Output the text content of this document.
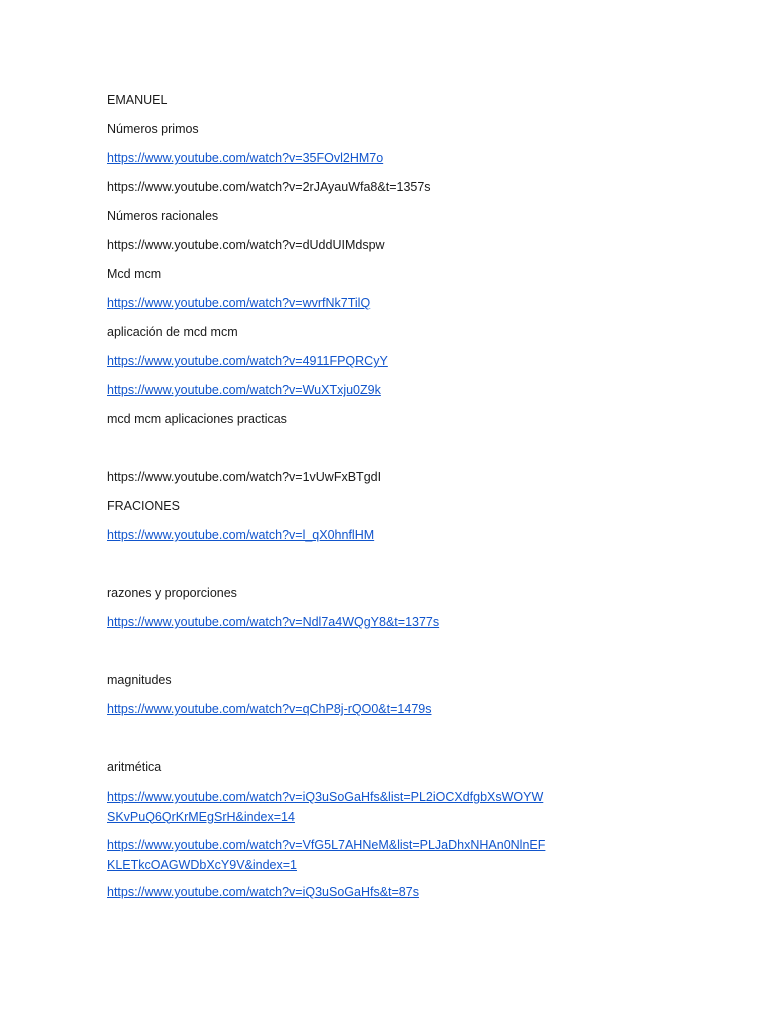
EMANUEL
Números primos
https://www.youtube.com/watch?v=35FOvl2HM7o
https://www.youtube.com/watch?v=2rJAyauWfa8&t=1357s
Números racionales
https://www.youtube.com/watch?v=dUddUIMdspw
Mcd mcm
https://www.youtube.com/watch?v=wvrfNk7TilQ
aplicación de mcd mcm
https://www.youtube.com/watch?v=4911FPQRCyY
https://www.youtube.com/watch?v=WuXTxju0Z9k
mcd mcm aplicaciones practicas
https://www.youtube.com/watch?v=1vUwFxBTgdI
FRACIONES
https://www.youtube.com/watch?v=l_qX0hnflHM
razones y proporciones
https://www.youtube.com/watch?v=Ndl7a4WQgY8&t=1377s
magnitudes
https://www.youtube.com/watch?v=qChP8j-rQO0&t=1479s
aritmética
https://www.youtube.com/watch?v=iQ3uSoGaHfs&list=PL2iOCXdfgbXsWOYWSKvPuQ6QrKrMEgSrH&index=14
https://www.youtube.com/watch?v=VfG5L7AHNeM&list=PLJaDhxNHAn0NlnEFKLETkcOAGWDbXcY9V&index=1
https://www.youtube.com/watch?v=iQ3uSoGaHfs&t=87s
